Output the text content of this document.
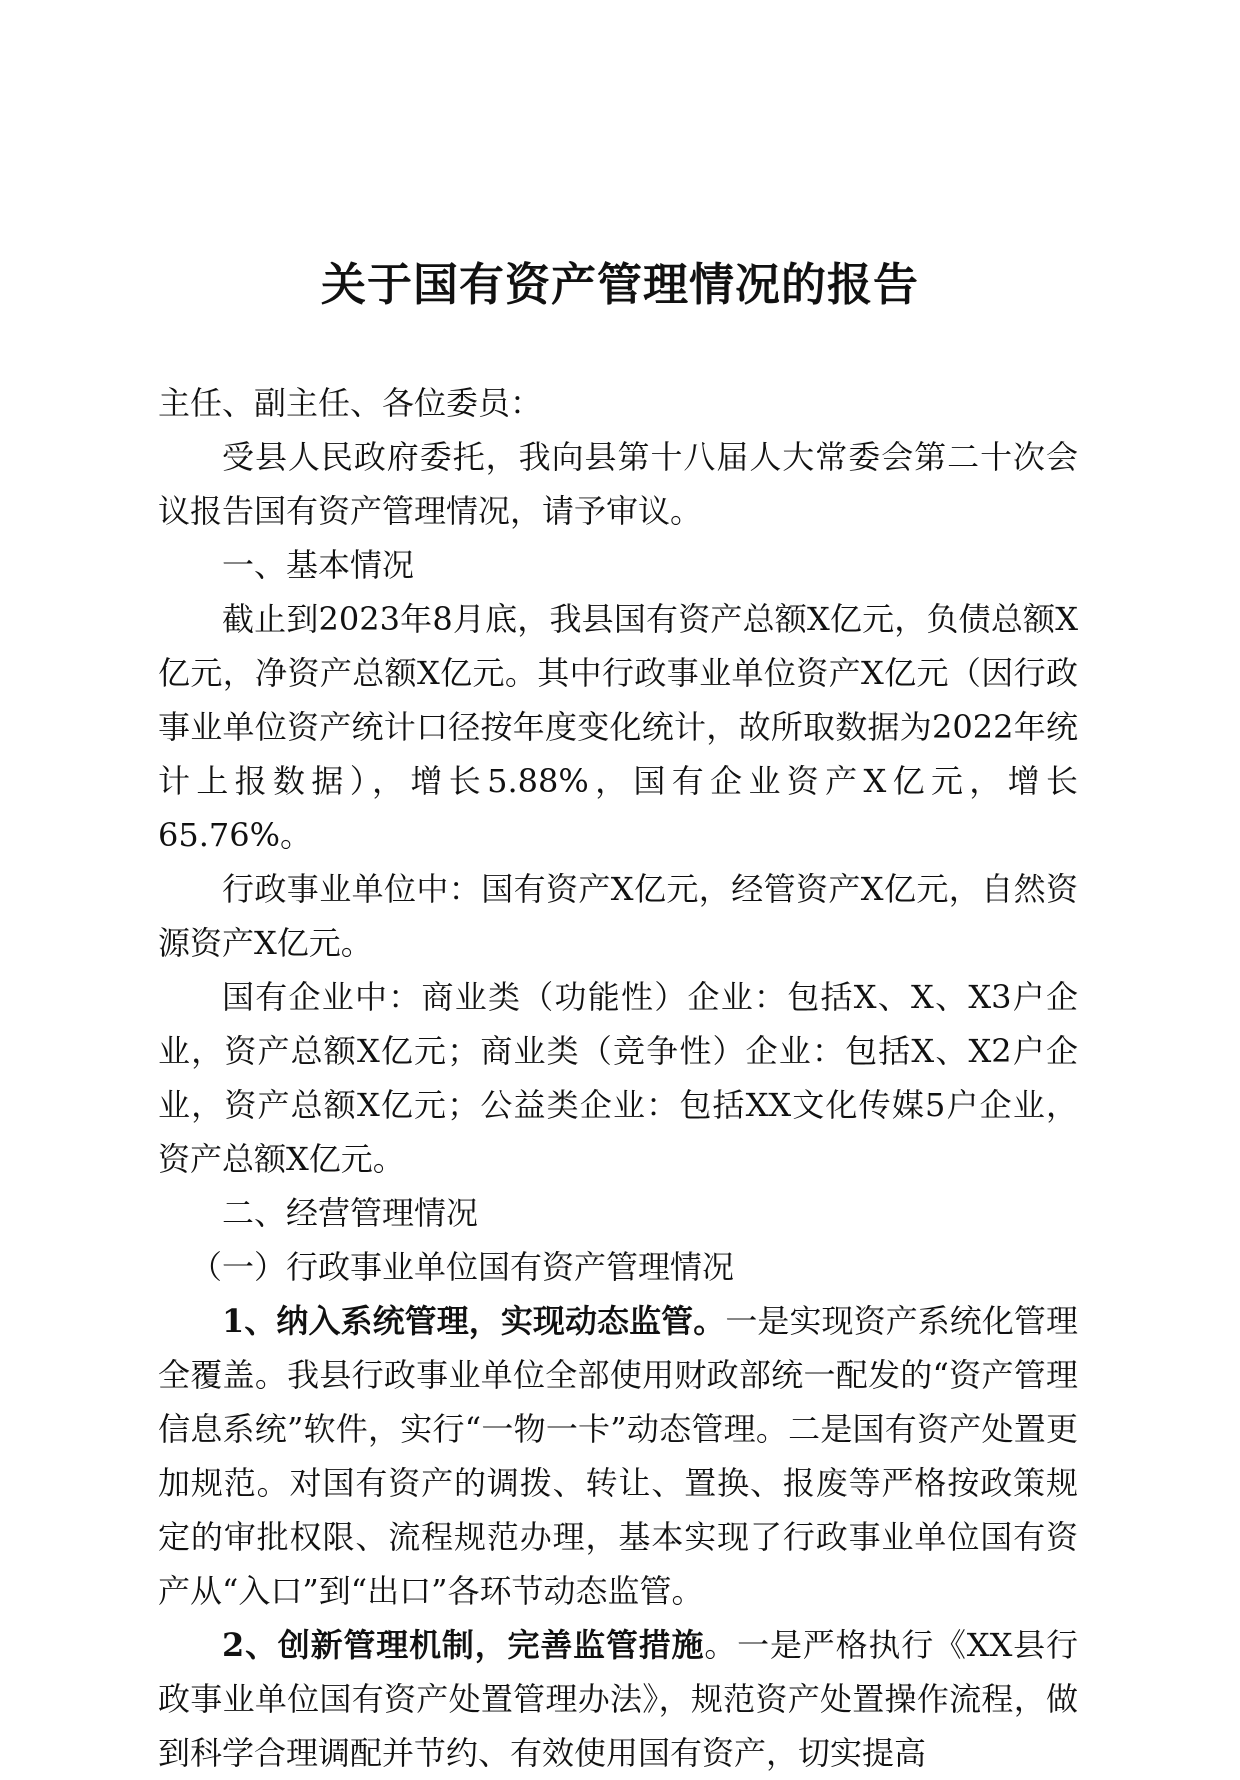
关于国有资产管理情况的报告

主任、副主任、各位委员：

受县人民政府委托，我向县第十八届人大常委会第二十次会议报告国有资产管理情况，请予审议。

一、基本情况

截止到2023年8月底，我县国有资产总额X亿元，负债总额X亿元，净资产总额X亿元。其中行政事业单位资产X亿元（因行政事业单位资产统计口径按年度变化统计，故所取数据为2022年统计上报数据），增长5.88%，国有企业资产X亿元，增长65.76%。

行政事业单位中：国有资产X亿元，经管资产X亿元，自然资源资产X亿元。

国有企业中：商业类（功能性）企业：包括X、X、X3户企业，资产总额X亿元；商业类（竞争性）企业：包括X、X2户企业，资产总额X亿元；公益类企业：包括XX文化传媒5户企业，资产总额X亿元。

二、经营管理情况

（一）行政事业单位国有资产管理情况

1、纳入系统管理，实现动态监管。一是实现资产系统化管理全覆盖。我县行政事业单位全部使用财政部统一配发的“资产管理信息系统”软件，实行“一物一卡”动态管理。二是国有资产处置更加规范。对国有资产的调拨、转让、置换、报废等严格按政策规定的审批权限、流程规范办理，基本实现了行政事业单位国有资产从“入口”到“出口”各环节动态监管。

2、创新管理机制，完善监管措施。一是严格执行《XX县行政事业单位国有资产处置管理办法》，规范资产处置操作流程，做到科学合理调配并节约、有效使用国有资产，切实提高
